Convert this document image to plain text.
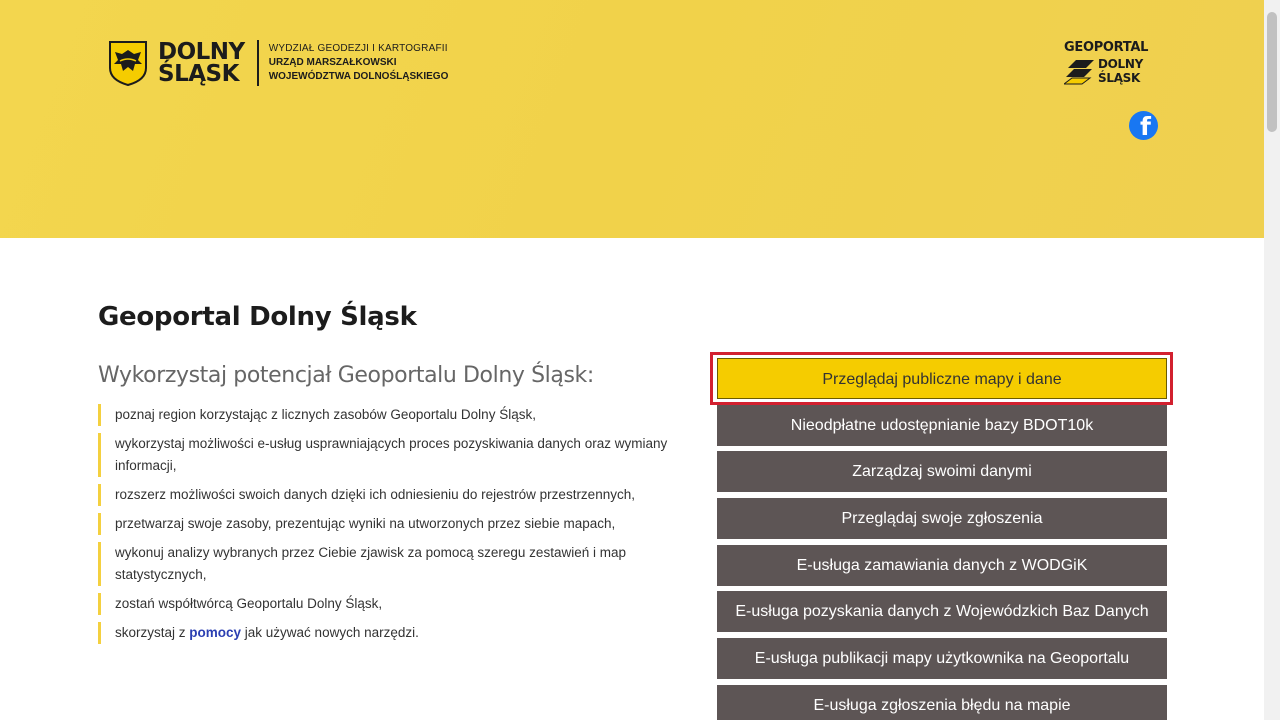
DOLNY
ŚLĄSK
WYDZIAŁ GEODEZJI I KARTOGRAFII
URZĄD MARSZAŁKOWSKI
WOJEWÓDZTWA DOLNOŚLĄSKIEGO
GEOPORTAL
DOLNY
ŚLĄSK
f
Geoportal Dolny Śląsk
Wykorzystaj potencjał Geoportalu Dolny Śląsk:
poznaj region korzystając z licznych zasobów Geoportalu Dolny Śląsk,
wykorzystaj możliwości e-usług usprawniających proces pozyskiwania danych oraz wymiany informacji,
rozszerz możliwości swoich danych dzięki ich odniesieniu do rejestrów przestrzennych,
przetwarzaj swoje zasoby, prezentując wyniki na utworzonych przez siebie mapach,
wykonuj analizy wybranych przez Ciebie zjawisk za pomocą szeregu zestawień i map statystycznych,
zostań współtwórcą Geoportalu Dolny Śląsk,
skorzystaj z pomocy jak używać nowych narzędzi.
Przeglądaj publiczne mapy i dane
Nieodpłatne udostępnianie bazy BDOT10k
Zarządzaj swoimi danymi
Przeglądaj swoje zgłoszenia
E-usługa zamawiania danych z WODGiK
E-usługa pozyskania danych z Wojewódzkich Baz Danych
E-usługa publikacji mapy użytkownika na Geoportalu
E-usługa zgłoszenia błędu na mapie
